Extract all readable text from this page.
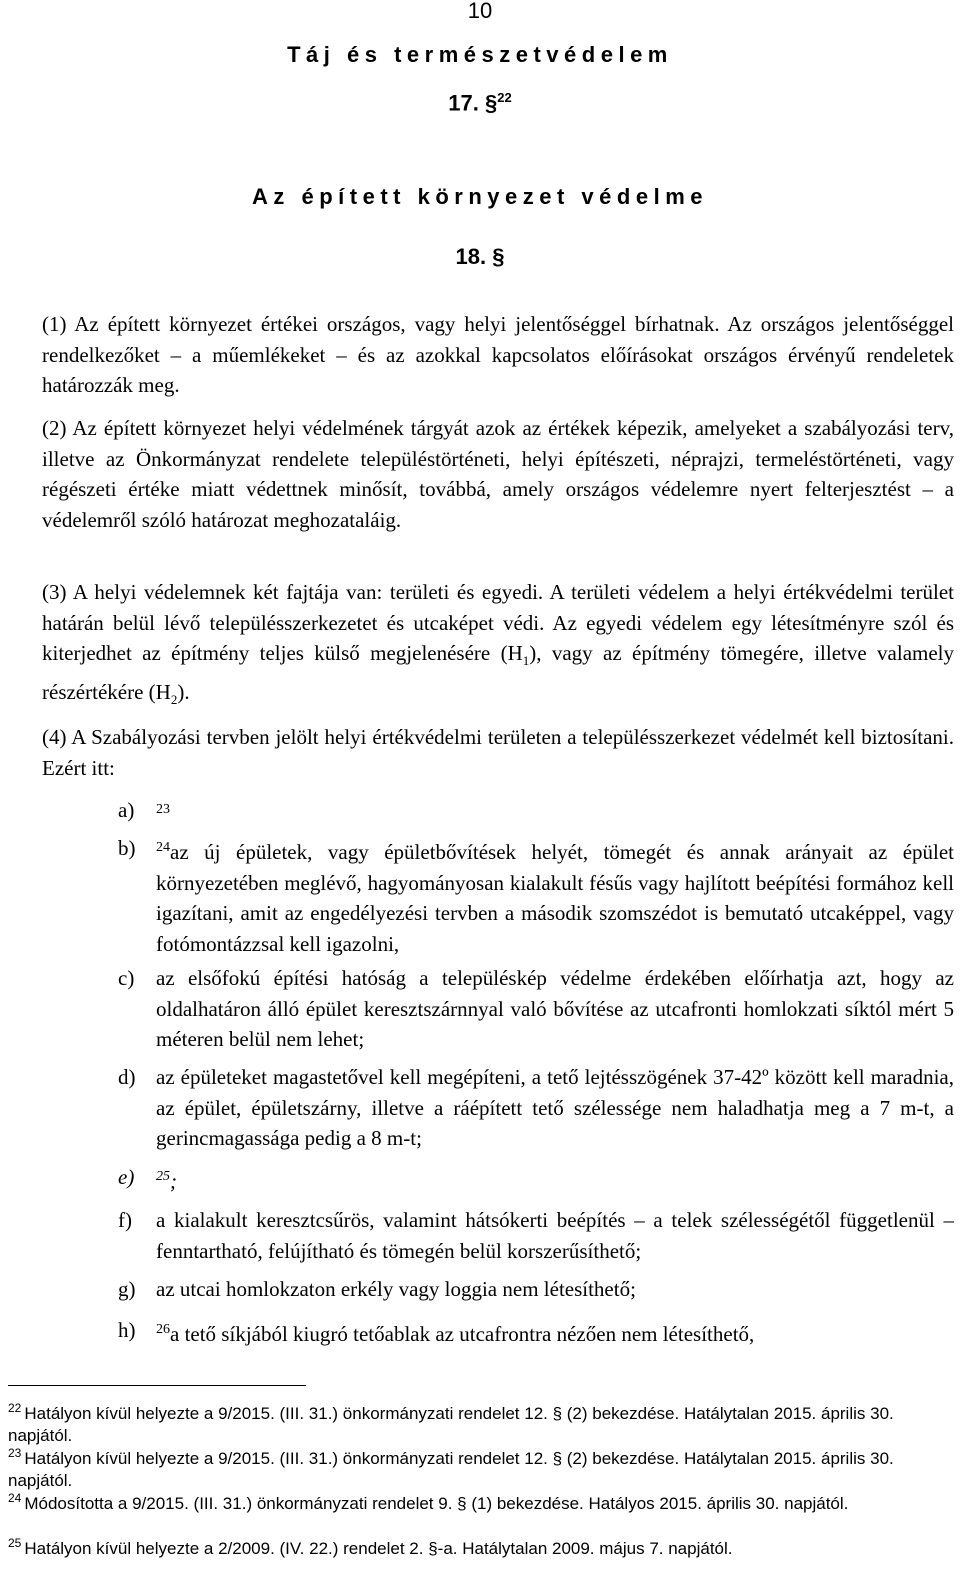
10
Táj és természetvédelem
17. §$^{22}$
Az épített környezet védelme
18. §
(1) Az épített környezet értékei országos, vagy helyi jelentőséggel bírhatnak. Az országos jelentőséggel rendelkezőket – a műemlékeket – és az azokkal kapcsolatos előírásokat országos érvényű rendeletek határozzák meg.
(2) Az épített környezet helyi védelmének tárgyát azok az értékek képezik, amelyeket a szabályozási terv, illetve az Önkormányzat rendelete településtörténeti, helyi építészeti, néprajzi, termeléstörténeti, vagy régészeti értéke miatt védettnek minősít, továbbá, amely országos védelemre nyert felterjesztést – a védelemről szóló határozat meghozataláig.
(3) A helyi védelemnek két fajtája van: területi és egyedi. A területi védelem a helyi értékvédelmi terület határán belül lévő településszerkezetet és utcaképet védi. Az egyedi védelem egy létesítményre szól és kiterjedhet az építmény teljes külső megjelenésére $(H_1)$, vagy az építmény tömegére, illetve valamely részértékére $(H_2)$.
(4) A Szabályozási tervben jelölt helyi értékvédelmi területen a településszerkezet védelmét kell biztosítani. Ezért itt:
a)	$^{23}$
b)	$^{24}$az új épületek, vagy épületbővítések helyét, tömegét és annak arányait az épület környezetében meglévő, hagyományosan kialakult fésűs vagy hajlított beépítési formához kell igazítani, amit az engedélyezési tervben a második szomszédot is bemutató utcaképpel, vagy fotómontázzsal kell igazolni,
c)	az elsőfokú építési hatóság a településkép védelme érdekében előírhatja azt, hogy az oldalhatáron álló épület keresztszárnnyal való bővítése az utcafronti homlokzati síktól mért 5 méteren belül nem lehet;
d) az épületeket magastetővel kell megépíteni, a tető lejtésszögének 37-42º között kell maradnia, az épület, épületszárny, illetve a ráépített tető szélessége nem haladhatja meg a 7 m-t, a gerincmagassága pedig a 8 m-t;
e)	$^{25}$;
f)	a kialakult keresztcsűrös, valamint hátsókerti beépítés – a telek szélességétől függetlenül – fenntartható, felújítható és tömegén belül korszerűsíthető;
g) az utcai homlokzaton erkély vagy loggia nem létesíthető;
h)	$^{26}$a tető síkjából kiugró tetőablak az utcafrontra nézően nem létesíthető,
$^{22}$ Hatályon kívül helyezte a 9/2015. (III. 31.) önkormányzati rendelet 12. § (2) bekezdése. Hatálytalan 2015. április 30. napjától.
$^{23}$ Hatályon kívül helyezte a 9/2015. (III. 31.) önkormányzati rendelet 12. § (2) bekezdése. Hatálytalan 2015. április 30. napjától.
$^{24}$ Módosította a 9/2015. (III. 31.) önkormányzati rendelet 9. § (1) bekezdése. Hatályos 2015. április 30. napjától.
$^{25}$ Hatályon kívül helyezte a 2/2009. (IV. 22.) rendelet 2. §-a. Hatálytalan 2009. május 7. napjától.
